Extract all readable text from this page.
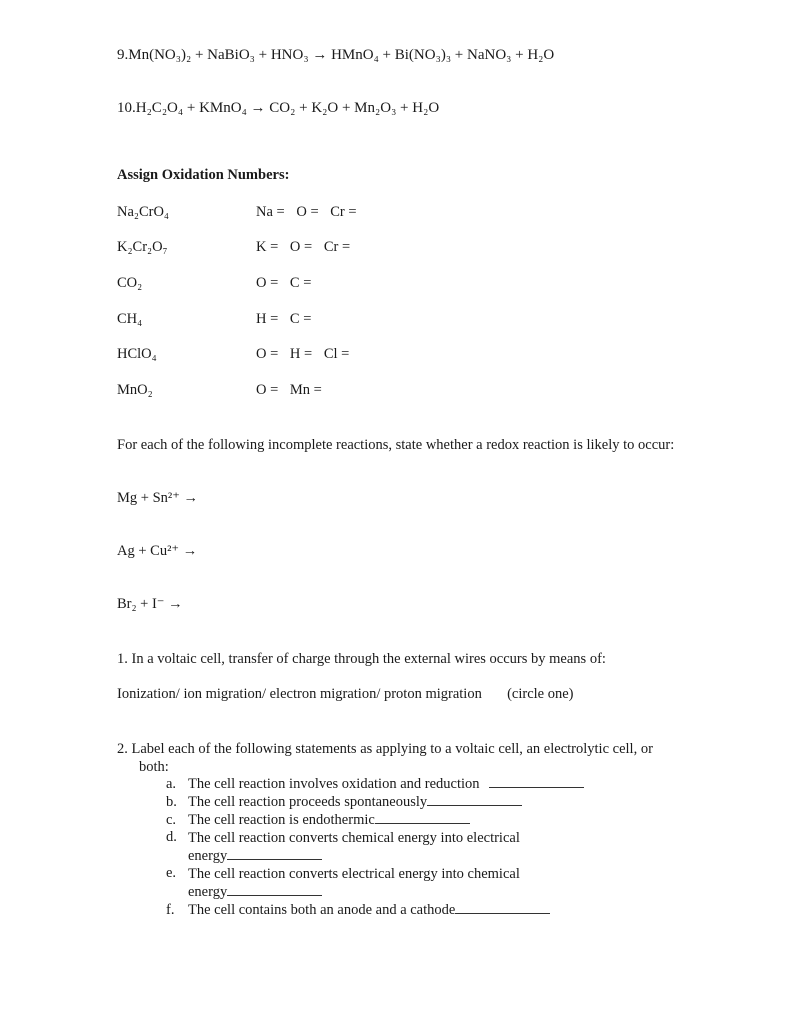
9.Mn(NO₃)₂ + NaBiO₃ + HNO₃ → HMnO₄ + Bi(NO₃)₃ + NaNO₃ + H₂O
10.H₂C₂O₄ + KMnO₄ → CO₂ + K₂O + Mn₂O₃ + H₂O
Assign Oxidation Numbers:
Na₂CrO₄	Na = O = Cr =
K₂Cr₂O₇	K = O = Cr =
CO₂	O = C =
CH₄	H = C =
HClO₄	O = H = Cl =
MnO₂	O = Mn =
For each of the following incomplete reactions, state whether a redox reaction is likely to occur:
Mg + Sn²⁺ →
Ag + Cu²⁺ →
Br₂ + I⁻ →
1. In a voltaic cell, transfer of charge through the external wires occurs by means of:
Ionization/ ion migration/ electron migration/ proton migration (circle one)
2. Label each of the following statements as applying to a voltaic cell, an electrolytic cell, or both:
a. The cell reaction involves oxidation and reduction
b. The cell reaction proceeds spontaneously
c. The cell reaction is endothermic
d. The cell reaction converts chemical energy into electrical energy
e. The cell reaction converts electrical energy into chemical energy
f. The cell contains both an anode and a cathode
